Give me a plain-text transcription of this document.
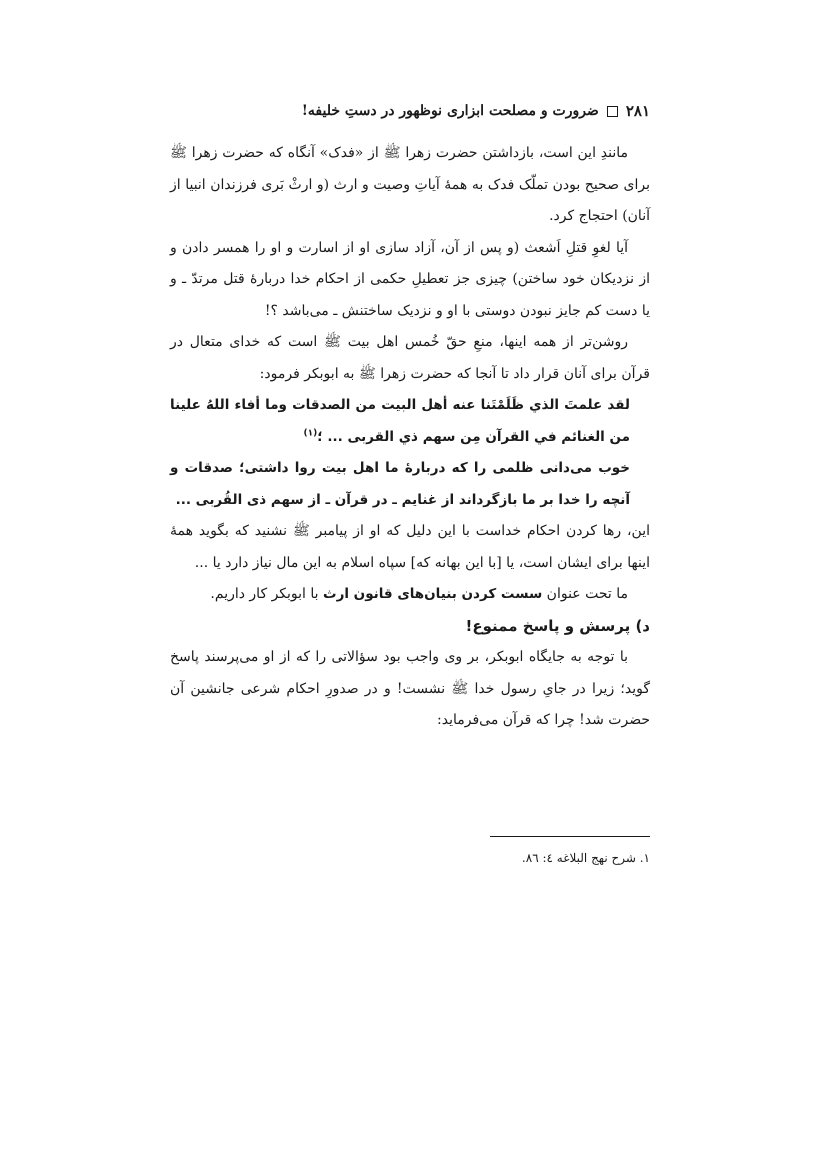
۲۸۱
ضرورت و مصلحت ابزاری نوظهور در دستِ خلیفه!

مانندِ این است، بازداشتن حضرت زهرا ﷺ از «فدک» آنگاه که حضرت زهرا ﷺ برای صحیح بودن تملّک فدک به همهٔ آیاتِ وصیت و ارث (و ارثْ بَری فرزندان انبیا از آنان) احتجاج کرد.

آیا لغوِ قتلِ اَشعث (و پس از آن، آزاد سازی او از اسارت و او را همسر دادن و از نزدیکان خود ساختن) چیزی جز تعطیلِ حکمی از احکام خدا دربارهٔ قتل مرتدّ ـ و یا دست کم جایز نبودن دوستی با او و نزدیک ساختنش ـ می‌باشد ؟!

روشن‌تر از همه اینها، منعِ حقّ خُمس اهل بیت ﷺ است که خدای متعال در قرآن برای آنان قرار داد تا آنجا که حضرت زهرا ﷺ به ابوبکر فرمود:

لقد علمتَ الذي ظَلَمْتَنا عنه أهل البيت من الصدقات وما أفاء اللهُ علينا من الغنائم في القرآن مِن سهم ذي القربى ... ؛$^{(۱)}$

خوب می‌دانی ظلمی را که دربارهٔ ما اهل بیت روا داشتی؛ صدقات و آنچه را خدا بر ما بازگرداند از غنایم ـ در قرآن ـ از سهم ذی القُربی ...

این، رها کردن احکام خداست با این دلیل که او از پیامبر ﷺ نشنید که بگوید همهٔ اینها برای ایشان است، یا [با این بهانه که] سپاه اسلام به این مال نیاز دارد یا ...

ما تحت عنوان سست کردن بنیان‌های قانون ارث با ابوبکر کار داریم.

د) پرسش و پاسخ ممنوع!

با توجه به جایگاه ابوبکر، بر وی واجب بود سؤالاتی را که از او می‌پرسند پاسخ گوید؛ زیرا در جایِ رسول خدا ﷺ نشست! و در صدورِ احکام شرعی جانشین آن حضرت شد! چرا که قرآن می‌فرماید:

۱. شرح نهج البلاغه ٤: ٨٦.
